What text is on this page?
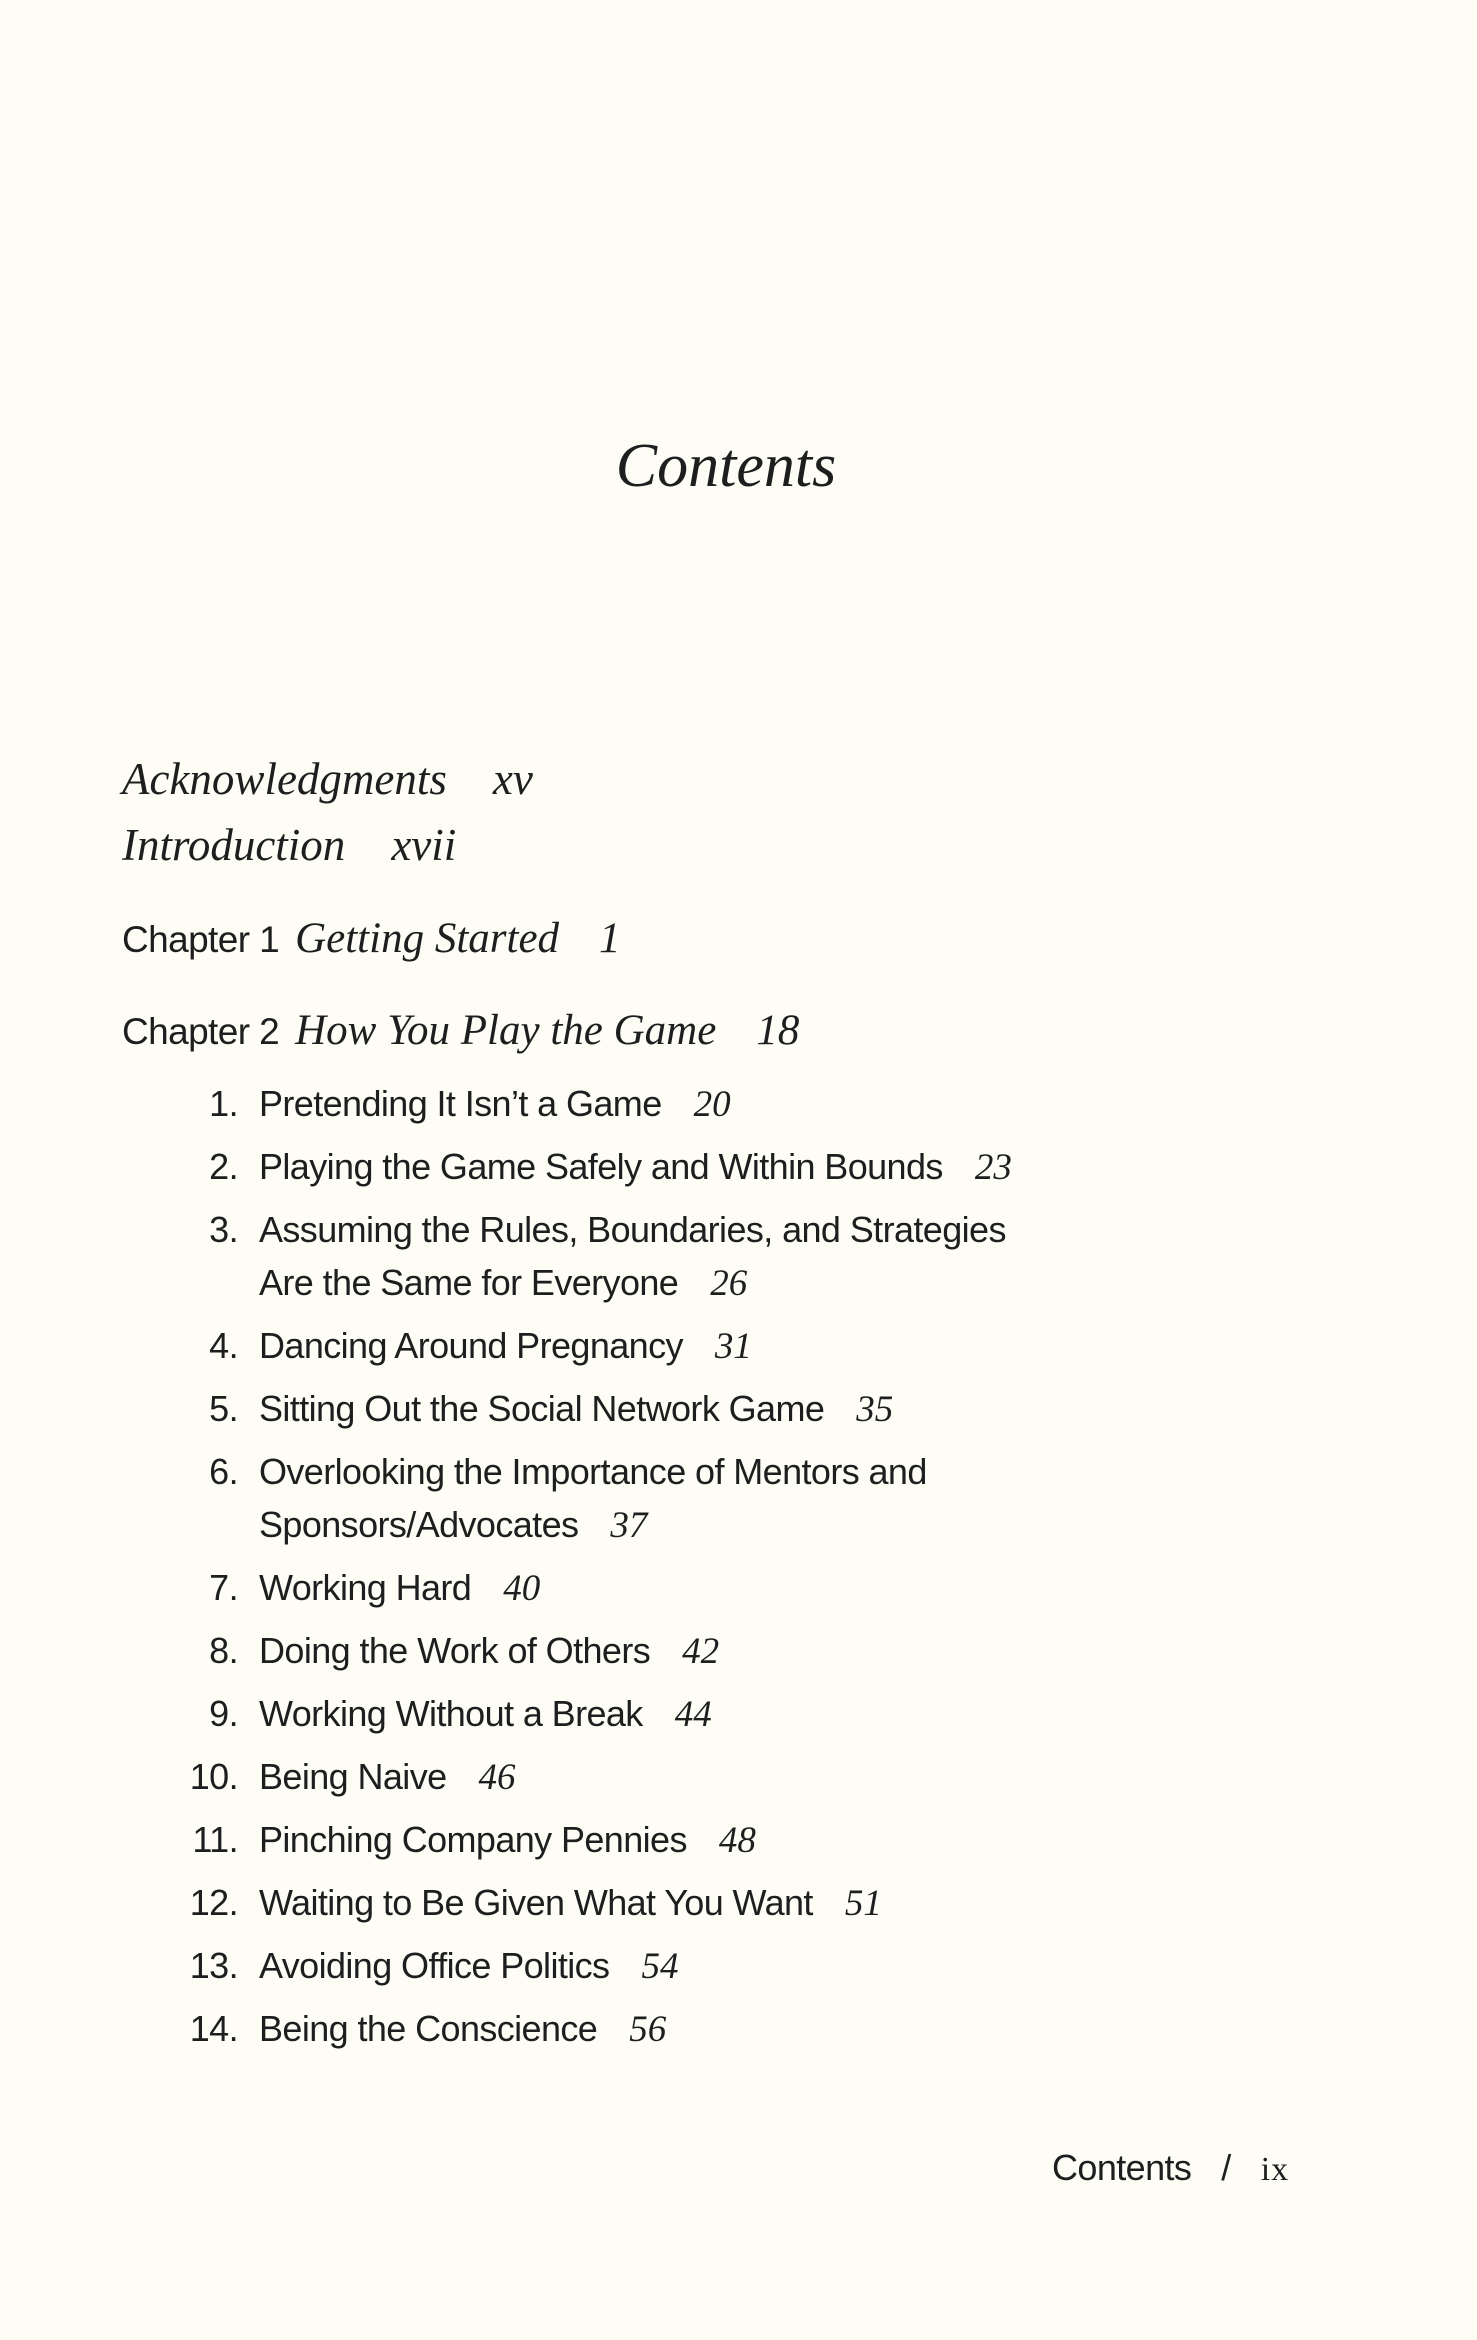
Contents
Acknowledgments xv
Introduction xvii
Chapter 1 Getting Started 1
Chapter 2 How You Play the Game 18
1. Pretending It Isn’t a Game 20
2. Playing the Game Safely and Within Bounds 23
3. Assuming the Rules, Boundaries, and Strategies
Are the Same for Everyone 26
4. Dancing Around Pregnancy 31
5. Sitting Out the Social Network Game 35
6. Overlooking the Importance of Mentors and
Sponsors/Advocates 37
7. Working Hard 40
8. Doing the Work of Others 42
9. Working Without a Break 44
10. Being Naive 46
11. Pinching Company Pennies 48
12. Waiting to Be Given What You Want 51
13. Avoiding Office Politics 54
14. Being the Conscience 56
Contents / ix
